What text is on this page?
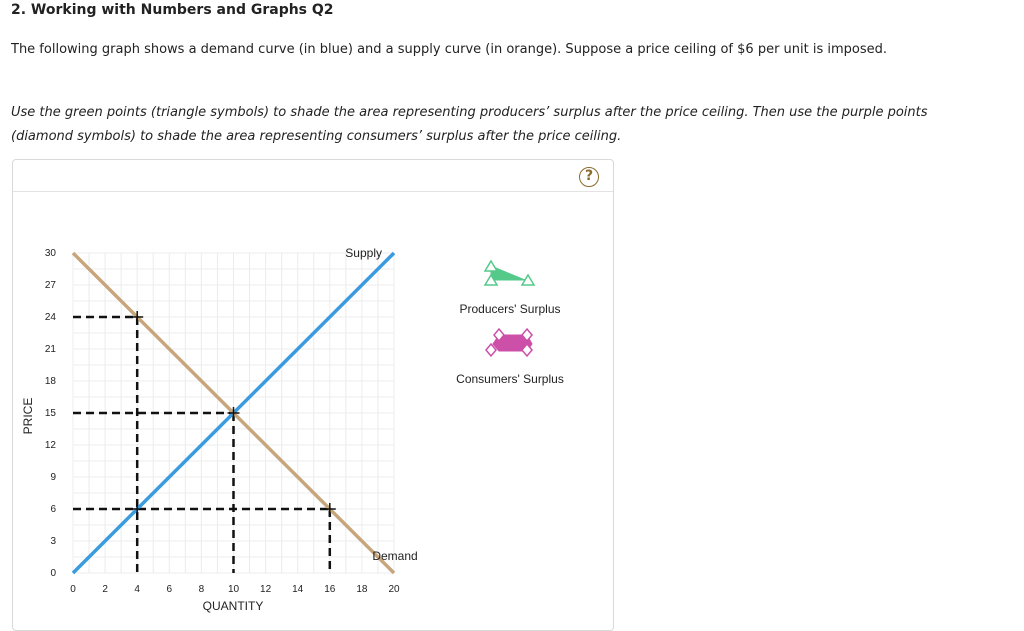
2. Working with Numbers and Graphs Q2
The following graph shows a demand curve (in blue) and a supply curve (in orange). Suppose a price ceiling of $6 per unit is imposed.
Use the green points (triangle symbols) to shade the area representing producers’ surplus after the price ceiling. Then use the purple points (diamond symbols) to shade the area representing consumers’ surplus after the price ceiling.
?
0	2	4	6	8 10 12 14 16 18 20
0
3
6
9
12
15
18
21
24
27
30
QUANTITY
PRICE
Supply
Demand
Producers' Surplus
Consumers' Surplus
